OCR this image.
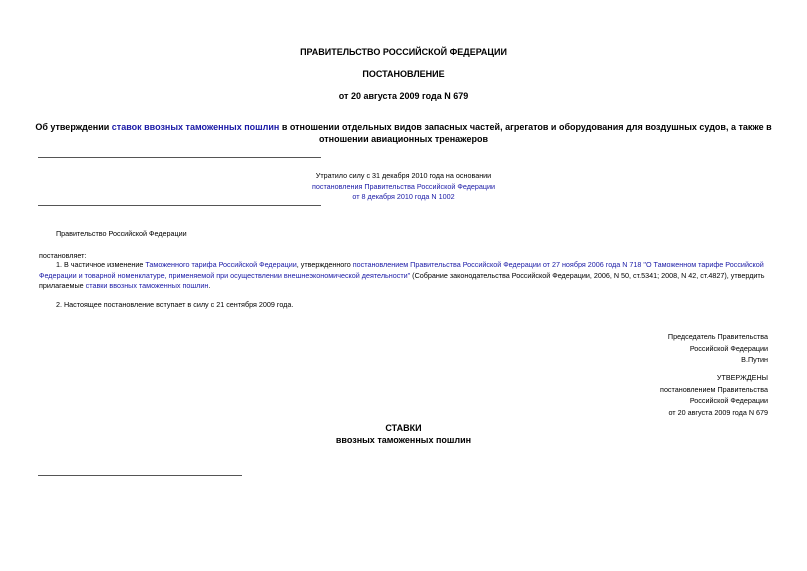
ПРАВИТЕЛЬСТВО РОССИЙСКОЙ ФЕДЕРАЦИИ
ПОСТАНОВЛЕНИЕ
от 20 августа 2009 года N 679
Об утверждении ставок ввозных таможенных пошлин в отношении отдельных видов запасных частей, агрегатов и оборудования для воздушных судов, а также в
отношении авиационных тренажеров
Утратило силу с 31 декабря 2010 года на основании
постановления Правительства Российской Федерации
от 8 декабря 2010 года N 1002
Правительство Российской Федерации
постановляет:
1. В частичное изменение Таможенного тарифа Российской Федерации, утвержденного постановлением Правительства Российской Федерации от 27 ноября 2006 года N 718 "О Таможенном тарифе Российской Федерации и товарной номенклатуре, применяемой при осуществлении внешнеэкономической деятельности" (Собрание законодательства Российской Федерации, 2006, N 50, ст.5341; 2008, N 42, ст.4827), утвердить прилагаемые ставки ввозных таможенных пошлин.
2. Настоящее постановление вступает в силу с 21 сентября 2009 года.
Председатель Правительства
Российской Федерации
В.Путин
УТВЕРЖДЕНЫ
постановлением Правительства
Российской Федерации
от 20 августа 2009 года N 679
СТАВКИ
ввозных таможенных пошлин
